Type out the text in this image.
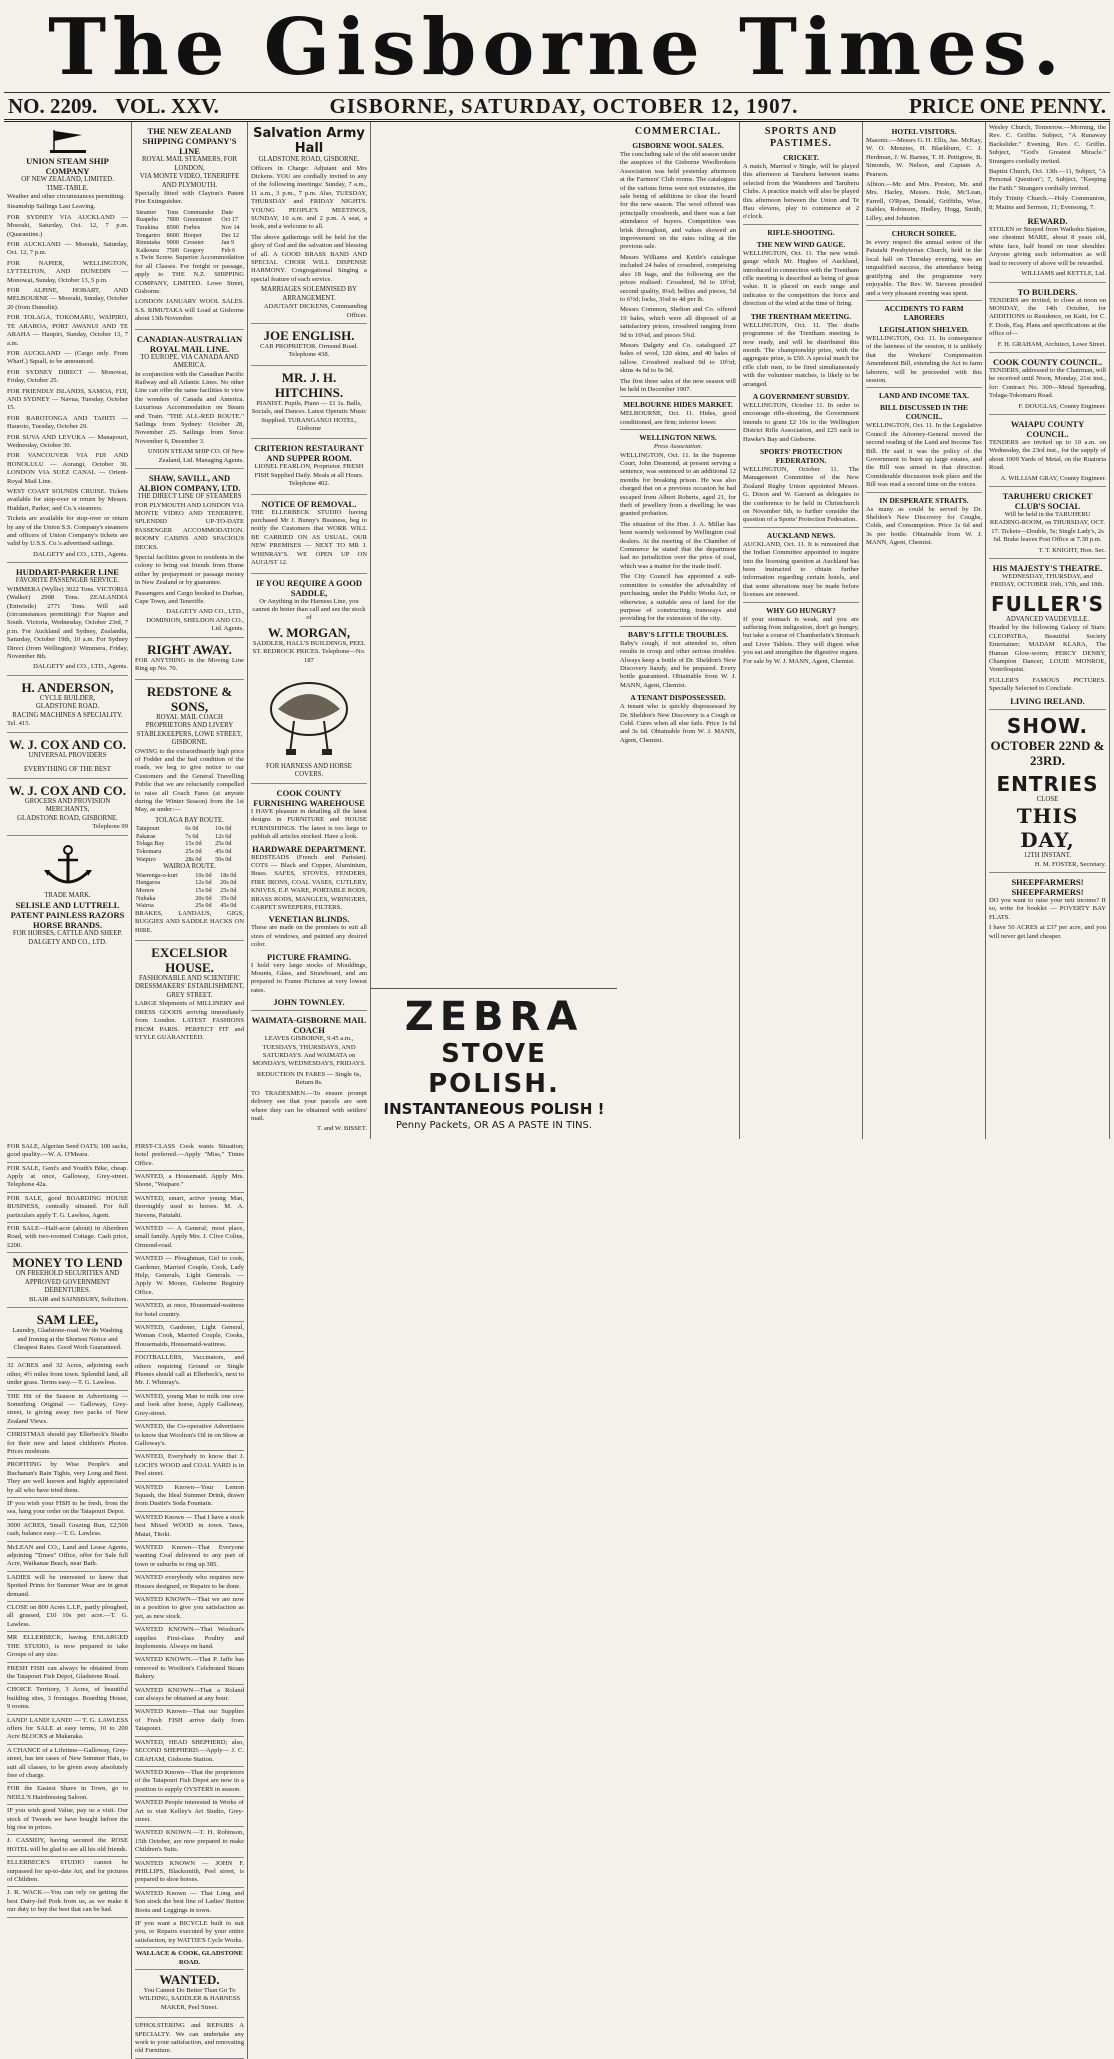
The Gisborne Times.
NO. 2209. VOL. XXV.	GISBORNE, SATURDAY, OCTOBER 12, 1907.	PRICE ONE PENNY.
UNION STEAM SHIP COMPANY
OF NEW ZEALAND, LIMITED.
TIME-TABLE.

Weather and other circumstances permitting.

Steamship Sailings Last Leaving.

FOR SYDNEY VIA AUCKLAND — Moeraki, Saturday, Oct. 12, 7 p.m. (Quarantine.)

FOR AUCKLAND — Moeraki, Saturday, Oct. 12, 7 p.m.

FOR NAPIER, WELLINGTON, LYTTELTON, AND DUNEDIN — Monowai, Sunday, October 13, 5 p.m.

FOR ALPINE, HOBART, AND MELBOURNE — Moeraki, Sunday, October 20 (from Dunedin).

FOR TOLAGA, TOKOMARU, WAIPIRO, TE ARAROA, PORT AWANUI AND TE ARAHA — Haupiri, Sunday, October 13, 7 a.m.

FOR AUCKLAND — (Cargo only. From Wharf.) Squall, to be announced.

FOR SYDNEY DIRECT — Monowai, Friday, October 25.

FOR FRIENDLY ISLANDS, SAMOA, FIJI, AND SYDNEY — Navua, Tuesday, October 15.

FOR RAROTONGA AND TAHITI — Hauroto, Tuesday, October 29.

FOR SUVA AND LEVUKA — Manapouri, Wednesday, October 30.

FOR VANCOUVER VIA FIJI AND HONOLULU — Aorangi, October 30. LONDON VIA SUEZ CANAL — Orient-Royal Mail Line.

WEST COAST SOUNDS CRUISE. Tickets available for stop-over or return by Messrs. Huddart, Parker, and Co.'s steamers.

Tickets are available for stop-over or return by any of the Union S.S. Company's steamers and officers of Union Company's tickets are valid by U.S.S. Co.'s advertised sailings.

DALGETY and CO., LTD., Agents.
HUDDART-PARKER LINE
FAVORITE PASSENGER SERVICE.

WIMMERA (Wyllie) 3022 Tons. VICTORIA (Walker) 2908 Tons. ZEALANDIA (Entwistle) 2771 Tons. Will sail (circumstances permitting): For Napier and South. Victoria, Wednesday, October 23rd, 7 p.m. For Auckland and Sydney, Zealandia, Saturday, October 19th, 10 a.m. For Sydney Direct (from Wellington): Wimmera, Friday, November 8th.

DALGETY and CO., LTD., Agents.
H. ANDERSON,
CYCLE BUILDER,
GLADSTONE ROAD.
RACING MACHINES A SPECIALITY.
Tel. 415.
W. J. COX AND CO.
UNIVERSAL PROVIDERS
EVERYTHING OF THE BEST
W. J. COX AND CO.
GROCERS AND PROVISION MERCHANTS,
GLADSTONE ROAD, GISBORNE.
Telephone 99
TRADE MARK.
SELISLE AND LUTTRELL PATENT PAINLESS RAZORS HORSE BRANDS.
FOR HORSES, CATTLE AND SHEEP. DALGETY AND CO., LTD.
THE NEW ZEALAND SHIPPING COMPANY'S LINE
ROYAL MAIL STEAMERS, FOR LONDON,
VIA MONTE VIDEO, TENERIFFE AND PLYMOUTH.

Specially fitted with Clayton's Patent Fire Extinguisher.

Steamer	Tons	Commander	Date
Ruapehu	7800	Greenstreet	Oct 17
Turakina	8500	Forbes	Nov 14
Tongariro	8600	Hooper	Dec 12
Rimutaka	9000	Crossier	Jan 9
Kaikoura	7500	Gregory	Feb 6

x Twin Screw. Superior Accommodation for all Classes. For freight or passage, apply to THE N.Z. SHIPPING COMPANY, LIMITED. Lowe Street, Gisborne.

LONDON JANUARY WOOL SALES. S.S. RIMUTAKA will Load at Gisborne about 13th November.

CANADIAN-AUSTRALIAN ROYAL MAIL LINE.
TO EUROPE, VIA CANADA AND AMERICA.

In conjunction with the Canadian Pacific Railway and all Atlantic Lines. No other Line can offer the same facilities to view the wonders of Canada and America. Luxurious Accommodation on Steam and Train. "THE ALL-RED ROUTE." Sailings from Sydney: October 28, November 25. Sailings from Suva: November 6, December 3.

UNION STEAM SHIP CO. Of New Zealand, Ltd. Managing Agents.
SHAW, SAVILL, AND ALBION COMPANY, LTD.
THE DIRECT LINE OF STEAMERS

FOR PLYMOUTH AND LONDON VIA MONTE VIDEO AND TENERIFFE. SPLENDID UP-TO-DATE PASSENGER ACCOMMODATION. ROOMY CABINS AND SPACIOUS DECKS.

Special facilities given to residents in the colony to bring out friends from Home either by prepayment or passage money in New Zealand or by guarantee.

Passengers and Cargo booked to Durban, Cape Town, and Teneriffe.

DALGETY AND CO., LTD., DOMINION, SHELDON AND CO., Ltd. Agents.
RIGHT AWAY.

FOR ANYTHING in the Moving Line Ring up No. 70.

REDSTONE & SONS,
ROYAL MAIL COACH PROPRIETORS AND LIVERY STABLEKEEPERS, LOWE STREET, GISBORNE.

OWING to the extraordinarily high price of Fodder and the bad condition of the roads, we beg to give notice to our Customers and the General Travelling Public that we are reluctantly compelled to raise all Coach Fares (at anyrate during the Winter Season) from the 1st May, as under:—

TOLAGA BAY ROUTE.
Tatapouri	6s 0d	10s 0d
Pakarae	7s 6d	12s 6d
Tolaga Bay	15s 0d	25s 0d
Tokomaru	25s 0d	45s 0d
Waipiro	28s 0d	50s 0d
WAIROA ROUTE.
Waerenga-o-kuri	10s 0d	18s 0d
Hangaroa	12s 6d	20s 0d
Morere	15s 0d	25s 0d
Nuhaka	20s 0d	35s 0d
Wairoa	25s 0d	45s 0d

BRAKES, LANDAUS, GIGS, BUGGIES AND SADDLE HACKS ON HIRE.

EXCELSIOR HOUSE.
FASHIONABLE AND SCIENTIFIC DRESSMAKERS' ESTABLISHMENT, GREY STREET.

LARGE Shipments of MILLINERY and DRESS GOODS arriving immediately from London. LATEST FASHIONS FROM PARIS. PERFECT FIT and STYLE GUARANTEED.

Salvation Army Hall
GLADSTONE ROAD, GISBORNE.

Officers in Charge: Adjutant and Mrs Dickens. YOU are cordially invited to any of the following meetings: Sunday, 7 a.m., 11 a.m., 3 p.m., 7 p.m. Also, TUESDAY, THURSDAY and FRIDAY NIGHTS. YOUNG PEOPLE'S MEETINGS, SUNDAY, 10 a.m. and 2 p.m. A seat, a book, and a welcome to all.

The above gatherings will be held for the glory of God and the salvation and blessing of all. A GOOD BRASS BAND AND SPECIAL CHOIR WILL DISPENSE HARMONY. Congregational Singing a special feature of each service.

MARRIAGES SOLEMNISED BY ARRANGEMENT.
ADJUTANT DICKENS, Commanding Officer.
JOE ENGLISH.

CAB PROPRIETOR. Ormond Road. Telephone 438.

MR. J. H. HITCHINS.

PIANIST. Pupils, Piano — £1 1s. Balls, Socials, and Dances. Latest Operatic Music Supplied. TURANGANUI HOTEL, Gisborne

CRITERION RESTAURANT AND SUPPER ROOM.

LIONEL FEARLON, Proprietor. FRESH FISH Supplied Daily. Meals at all Hours. Telephone 402.

NOTICE OF REMOVAL.

THE ELLERBECK STUDIO having purchased Mr J. Bunny's Business, beg to notify the Customers that WORK WILL BE CARRIED ON AS USUAL. OUR NEW PREMISES — NEXT TO MR J. WHINRAY'S. WE OPEN UP ON AUGUST 12.

IF YOU REQUIRE A GOOD SADDLE,

Or Anything in the Harness Line, you cannot do better than call and see the stock of

W. MORGAN,

SADDLER, HALL'S BUILDINGS, PEEL ST. REDROCK PRICES. Telephone—No. 187

FOR HARNESS AND HORSE COVERS.
COOK COUNTY FURNISHING WAREHOUSE

I HAVE pleasure in detailing all the latest designs in FURNITURE and HOUSE FURNISHINGS. The latest is too large to publish all articles stocked. Have a look.

HARDWARE DEPARTMENT.

BEDSTEADS (French and Parisian). COTS — Black and Copper, Aluminium, Brass. SAFES, STOVES, FENDERS, FIRE IRONS, COAL VASES, CUTLERY, KNIVES, E.P. WARE, PORTABLE RODS, BRASS RODS, MANGLES, WRINGERS, CARPET SWEEPERS, FILTERS.

VENETIAN BLINDS.

These are made on the premises to suit all sizes of windows, and painted any desired color.

PICTURE FRAMING.

I hold very large stocks of Mouldings, Mounts, Glass, and Strawboard, and am prepared to Frame Pictures at very lowest rates.

JOHN TOWNLEY.
WAIMATA-GISBORNE MAIL COACH

LEAVES GISBORNE, 9.45 a.m., TUESDAYS, THURSDAYS, AND SATURDAYS. And WAIMATA on MONDAYS, WEDNESDAYS, FRIDAYS.

REDUCTION IN FARES — Single 6s, Return 8s.

TO TRADESMEN.—To ensure prompt delivery see that your parcels are sent where they can be obtained with settlers' mail.

T. and W. BISSET.
COMMERCIAL.
GISBORNE WOOL SALES.

The concluding sale of the old season under the auspices of the Gisborne Woolbrokers Association was held yesterday afternoon at the Farmers' Club rooms. The catalogues of the various firms were not extensive, the sale being of additions to clear the board for the new season. The wool offered was principally crossbreds, and there was a fair attendance of buyers. Competition was brisk throughout, and values showed an improvement on the rates ruling at the previous sale.

Messrs Williams and Kettle's catalogue included 24 bales of crossbred, comprising also 18 bags, and the following are the prices realised: Crossbred, 9d to 10½d; second quality, 8¼d; bellies and pieces, 5d to 6½d; locks, 3¼d to 4d per lb.

Messrs Common, Shelton and Co. offered 19 bales, which were all disposed of at satisfactory prices, crossbred ranging from 9d to 10¼d, and pieces 5¾d.

Messrs Dalgety and Co. catalogued 27 bales of wool, 120 skins, and 40 bales of tallow. Crossbred realised 9d to 10½d; skins 4s 6d to 6s 9d.

The first three sales of the new season will be held in December 1907.

MELBOURNE HIDES MARKET.

MELBOURNE, Oct. 11. Hides, good conditioned, are firm; inferior lower.

WELLINGTON NEWS.
Press Association.

WELLINGTON, Oct. 11. In the Supreme Court, John Desmond, at present serving a sentence, was sentenced to an additional 12 months for breaking prison. He was also charged that on a previous occasion he had escaped from Albert Roberts, aged 21, for theft of jewellery from a dwelling; he was granted probation.

The situation of the Hon. J. A. Millar has been warmly welcomed by Wellington coal dealers. At the meeting of the Chamber of Commerce he stated that the department had no jurisdiction over the price of coal, which was a matter for the trade itself.

The City Council has appointed a sub-committee to consider the advisability of purchasing, under the Public Works Act, or otherwise, a suitable area of land for the purpose of constructing tramways and providing for the extension of the city.

BABY'S LITTLE TROUBLES.

Baby's cough, if not attended to, often results in croup and other serious troubles. Always keep a bottle of Dr. Sheldon's New Discovery handy, and be prepared. Every bottle guaranteed. Obtainable from W. J. MANN, Agent, Chemist.

A TENANT DISPOSSESSED.

A tenant who is quickly dispossessed by Dr. Sheldon's New Discovery is a Cough or Cold. Cures when all else fails. Price 1s 6d and 3s 6d. Obtainable from W. J. MANN, Agent, Chemist.

SPORTS AND PASTIMES.
CRICKET.

A match, Married v Single, will be played this afternoon at Taruheru between teams selected from the Wanderers and Taruheru Clubs. A practice match will also be played this afternoon between the Union and Te Hau elevens, play to commence at 2 o'clock.

RIFLE-SHOOTING.
THE NEW WIND GAUGE.

WELLINGTON, Oct. 11. The new wind-gauge which Mr. Hughes of Auckland, introduced in connection with the Trentham rifle meeting is described as being of great value. It is placed on each range and indicates to the competitors the force and direction of the wind at the time of firing.

THE TRENTHAM MEETING.

WELLINGTON, Oct. 11. The drafts programme of the Trentham meeting is now ready, and will be distributed this month. The championship prize, with the aggregate prize, is £50. A special match for rifle club men, to be fired simultaneously with the volunteer matches, is likely to be arranged.

A GOVERNMENT SUBSIDY.

WELLINGTON, October 11. In order to encourage rifle-shooting, the Government intends to grant £2 10s to the Wellington District Rifle Association, and £25 each to Hawke's Bay and Gisborne.

SPORTS' PROTECTION FEDERATION.

WELLINGTON, October 11. The Management Committee of the New Zealand Rugby Union appointed Messrs. G. Dixon and W. Garrard as delegates to the conference to be held in Christchurch on November 6th, to further consider the question of a Sports' Protection Federation.

AUCKLAND NEWS.

AUCKLAND, Oct. 11. It is rumoured that the Indian Committee appointed to inquire into the licensing question at Auckland has been instructed to obtain further information regarding certain hotels, and that some alterations may be made before licenses are renewed.

WHY GO HUNGRY?

If your stomach is weak, and you are suffering from indigestion, don't go hungry, but take a course of Chamberlain's Stomach and Liver Tablets. They will digest what you eat and strengthen the digestive organs. For sale by W. J. MANN, Agent, Chemist.

HOTEL VISITORS.

Masonic.—Messrs G. H. Ellis, Jas. McKay, W. O. Menzies, H. Blackburn, C. J. Herdman, J. W. Barnes, T. H. Pettigrew, B. Simonds, W. Nelson, and Captain A. Pearson.

Albion.—Mr. and Mrs. Preston, Mr. and Mrs. Harley, Messrs. Hole, Mc'Lean, Farrell, O'Ryan, Donald, Griffiths, Wise, Stables, Robinson, Hedley, Hogg, Smith, Lilley, and Johnston.

CHURCH SOIREE.

In every respect the annual soiree of the Patutahi Presbyterian Church, held in the local hall on Thursday evening, was an unqualified success, the attendance being gratifying and the programme very enjoyable. The Rev. W. Stevens presided and a very pleasant evening was spent.

ACCIDENTS TO FARM LABORERS
LEGISLATION SHELVED.

WELLINGTON, Oct. 11. In consequence of the lateness of the session, it is unlikely that the Workers' Compensation Amendment Bill, extending the Act to farm laborers, will be proceeded with this session.

LAND AND INCOME TAX.
BILL DISCUSSED IN THE COUNCIL.

WELLINGTON, Oct. 11. In the Legislative Council the Attorney-General moved the second reading of the Land and Income Tax Bill. He said it was the policy of the Government to burst up large estates, and the Bill was aimed in that direction. Considerable discussion took place and the Bill was read a second time on the voices.

IN DESPERATE STRAITS.

As many as could be served by Dr. Sheldon's New Discovery for Coughs, Colds, and Consumption. Price 1s 6d and 3s per bottle. Obtainable from W. J. MANN, Agent, Chemist.

Wesley Church, Tomorrow.—Morning, the Rev. C. Griffin. Subject, "A Runaway Backslider." Evening, Rev. C. Griffin. Subject, "God's Greatest Miracle." Strangers cordially invited.

Baptist Church, Oct. 13th.—11, Subject, "A Personal Question"; 7, Subject, "Keeping the Faith." Strangers cordially invited.

Holy Trinity Church.—Holy Communion, 8; Matins and Sermon, 11; Evensong, 7.

REWARD.

STOLEN or Strayed from Waikohu Station, one chestnut MARE, about 8 years old, white face, half brand on near shoulder. Anyone giving such information as will lead to recovery of above will be rewarded.

WILLIAMS and KETTLE, Ltd.
TO BUILDERS.

TENDERS are invited, to close at noon on MONDAY, the 14th October, for ADDITIONS to Residence, on Kaiti, for C. F. Dods, Esq. Plans and specifications at the office of—

F. H. GRAHAM, Architect, Lowe Street.
COOK COUNTY COUNCIL.

TENDERS, addressed to the Chairman, will be received until Noon, Monday, 21st inst., for: Contract No. 300—Metal Spreading, Tolaga-Tokomaru Road.

F. DOUGLAS, County Engineer.
WAIAPU COUNTY COUNCIL.

TENDERS are invited up to 10 a.m. on Wednesday, the 23rd inst., for the supply of about 1000 Yards of Metal, on the Ruatoria Road.

A. WILLIAM GRAY, County Engineer.
TARUHERU CRICKET CLUB'S SOCIAL

Will be held in the TARUHERU READING-ROOM, on THURSDAY, OCT. 17. Tickets—Double, 5s; Single Lady's, 2s 6d. Brake leaves Post Office at 7.30 p.m.

T. T. KNIGHT, Hon. Sec.
HIS MAJESTY'S THEATRE.

WEDNESDAY, THURSDAY, and FRIDAY, OCTOBER 16th, 17th, and 18th.

FULLER'S
ADVANCED VAUDEVILLE.

Headed by the following Galaxy of Stars: CLEOPATRA, Beautiful Society Entertainer; MADAM KLARA, The Human Glow-worm; PERCY DENBY, Champion Dancer; LOUIE MONROE, Ventriloquist.

FULLER'S FAMOUS PICTURES. Specially Selected to Conclude.

LIVING IRELAND.
SHOW.
OCTOBER 22ND & 23RD.
ENTRIES
CLOSE
THIS DAY,
12TH INSTANT.
H. M. FOSTER, Secretary.
SHEEPFARMERS! SHEEPFARMERS!

DO you want to raise your nett income? If so, write for booklet — POVERTY BAY FLATS.

I have 50 ACRES at £37 per acre, and you will never get land cheaper.

FOR SALE, Algerian Seed OATS; 100 sacks, good quality.—W. A. O'Meara.
FOR SALE, Gent's and Youth's Bike, cheap. Apply at once, Galloway, Grey-street. Telephone 42a.
FOR SALE, good BOARDING HOUSE BUSINESS, centrally situated. For full particulars apply T. G. Lawless, Agent.
FOR SALE—Half-acre (about) in Aberdeen Road, with two-roomed Cottage. Cash price, £200.
MONEY TO LEND
ON FREEHOLD SECURITIES AND APPROVED GOVERNMENT DEBENTURES.
BLAIR and SAINSBURY, Solicitors.
SAM LEE,

Laundry, Gladstone-road. We do Washing and Ironing at the Shortest Notice and Cheapest Rates. Good Work Guaranteed.

32 ACRES and 32 Acres, adjoining each other, 4½ miles from town. Splendid land, all under grass. Terms easy.—T. G. Lawless.
THE Hit of the Season in Advertising — Something Original — Galloway, Grey-street, is giving away two packs of New Zealand Views.
CHRISTMAS should pay Ellerbeck's Studio for their new and latest children's Photos. Prices moderate.
PROFITING by Wise People's and Buchanan's Rain Tights, very Long and Best. They are well known and highly appreciated by all who have tried them.
IF you wish your FISH to be fresh, from the sea, hang your order on the Tatapouri Depot.
3000 ACRES, Small Grazing Run, £2,500 cash, balance easy.—T. G. Lawless.
McLEAN and CO., Land and Lease Agents, adjoining "Times" Office, offer for Sale full Acre, Waikanae Beach, near Bath.
LADIES will be interested to know that Spotted Prints for Summer Wear are in great demand.
CLOSE on 800 Acres L.I.P., partly ploughed, all grassed, £10 10s per acre.—T. G. Lawless.
MR ELLERBECK, having ENLARGED THE STUDIO, is now prepared to take Groups of any size.
FRESH FISH can always be obtained from the Tatapouri Fish Depot, Gladstone Road.
CHOICE Territory, 3 Acres, of beautiful building sites, 3 frontages. Boarding House, 9 rooms.
LAND! LAND! LAND! — T. G. LAWLESS offers for SALE at easy terms, 10 to 200 Acre BLOCKS at Makaraka.
A CHANCE of a Lifetime—Galloway, Grey-street, has ten cases of New Summer Hats, to suit all classes, to be given away absolutely free of charge.
FOR the Easiest Shave in Town, go to NEILL'S Hairdressing Saloon.
IF you wish good Value, pay us a visit. Our stock of Tweeds we have bought before the big rise in prices.
J. CASSIDY, having secured the ROSE HOTEL will be glad to see all his old friends.
ELLERBECK'S STUDIO cannot be surpassed for up-to-date Art, and for pictures of Children.
J. R. WACK.—You can rely on getting the best Dairy-fed Pork from us, as we make it our duty to buy the best that can be had.
FIRST-CLASS Cook wants Situation; hotel preferred.—Apply "Miss," Times Office.
WANTED, a Housemaid. Apply Mrs. Shone, "Waipare."
WANTED, smart, active young Man, thoroughly used to horses. M. A. Stevens, Patutahi.
WANTED — A General; most place, small family. Apply Mrs. J. Clive Colins, Ormond-road.
WANTED — Ploughman, Girl to cook, Gardener, Married Couple, Cook, Lady Help, Generals, Light Generals. — Apply W. Moore, Gisborne Registry Office.
WANTED, at once, Housemaid-waitress for hotel country.
WANTED, Gardener, Light General, Woman Cook, Married Couple, Cooks, Housemaids, Housemaid-waitress.
FOOTBALLERS, Vaccinators, and others requiring Ground or Single Phones should call at Ellerbeck's, next to Mr. J. Whinray's.
WANTED, young Man to milk one cow and look after horse, Apply Galloway, Grey-street.
WANTED, the Co-operative Advertisers to know that Woolton's Oil in on Show at Galloway's.
WANTED, Everybody to know that J. LOCH'S WOOD and COAL YARD is in Peel street.
WANTED Known—Your Lemon Squash, the Ideal Summer Drink, drawn from Dustin's Soda Fountain.
WANTED Known — That I have a stock best Mixed WOOD in town. Tawa, Matai, Titoki.
WANTED Known—That Everyone wanting Coal delivered to any part of town or suburbs to ring up 385.
WANTED everybody who requires new Houses designed, or Repairs to be done.
WANTED KNOWN—That we are now in a position to give you satisfaction as yet, as new stock.
WANTED KNOWN—That Woolton's supplies First-class Poultry and Implements. Always on hand.
WANTED KNOWN.—That P. Jaffe has removed to Woolton's Celebrated Steam Bakery.
WANTED KNOWN—That a Roland can always be obtained at any hour.
WANTED Known—That our Supplies of Fresh FISH arrive daily from Tatapouri.
WANTED, HEAD SHEPHERD; also, SECOND SHEPHERD.—Apply— J. C. GRAHAM, Gisborne Station.
WANTED Known—That the proprietors of the Tatapouri Fish Depot are now in a position to supply OYSTERS in season.
WANTED People interested in Works of Art to visit Kelley's Art Studio, Grey-street.
WANTED KNOWN.—T. H. Robinson, 15th October, are now prepared to make Children's Suits.
WANTED KNOWN — JOHN F. PHILLIPS, Blacksmith, Peel street, is prepared to shoe horses.
WANTED Known — That Long and Son stock the best line of Ladies' Button Boots and Leggings in town.
IF you want a BICYCLE built to suit you, or Repairs executed by your entire satisfaction, try WATTIE'S Cycle Works.
WALLACE & COOK, GLADSTONE ROAD.
WANTED.

You Cannot Do Better Than Go To WILDING, SADDLER & HARNESS MAKER, Peel Street.

UPHOLSTERING and REPAIRS A SPECIALTY. We can undertake any work to your satisfaction, and renovating old Furniture.
ZEBRA
STOVE POLISH.
INSTANTANEOUS POLISH !
Penny Packets, OR AS A PASTE IN TINS.
